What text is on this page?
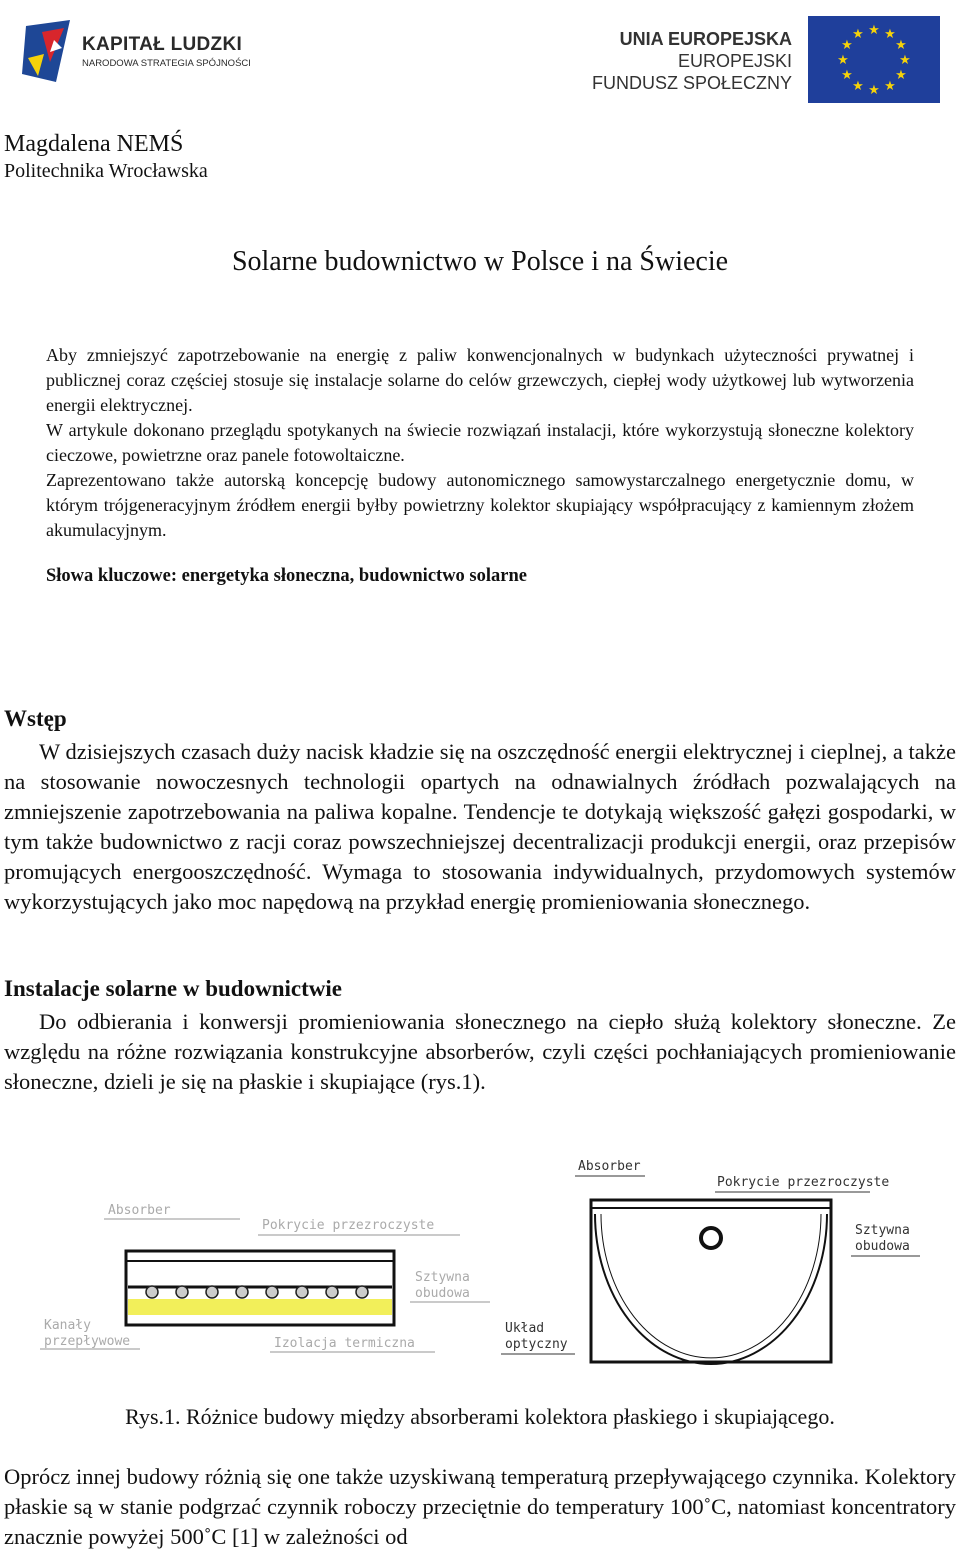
KAPITAŁ LUDZKI
NARODOWA STRATEGIA SPÓJNOŚCI
UNIA EUROPEJSKA
EUROPEJSKI
FUNDUSZ SPOŁECZNY
★ ★
★
★
★
★
★
★
★
★
★
★
Magdalena NEMŚ
Politechnika Wrocławska
Solarne budownictwo w Polsce i na Świecie

Aby zmniejszyć zapotrzebowanie na energię z paliw konwencjonalnych w budynkach użyteczności prywatnej i publicznej coraz częściej stosuje się instalacje solarne do celów grzewczych, ciepłej wody użytkowej lub wytworzenia energii elektrycznej.

W artykule dokonano przeglądu spotykanych na świecie rozwiązań instalacji, które wykorzystują słoneczne kolektory cieczowe, powietrzne oraz panele fotowoltaiczne.

Zaprezentowano także autorską koncepcję budowy autonomicznego samowystarczalnego energetycznie domu, w którym trójgeneracyjnym źródłem energii byłby powietrzny kolektor skupiający współpracujący z kamiennym złożem akumulacyjnym.

Słowa kluczowe: energetyka słoneczna, budownictwo solarne
Wstęp

W dzisiejszych czasach duży nacisk kładzie się na oszczędność energii elektrycznej i cieplnej, a także na stosowanie nowoczesnych technologii opartych na odnawialnych źródłach pozwalających na zmniejszenie zapotrzebowania na paliwa kopalne. Tendencje te dotykają większość gałęzi gospodarki, w tym także budownictwo z racji coraz powszechniejszej decentralizacji produkcji energii, oraz przepisów promujących energooszczędność. Wymaga to stosowania indywidualnych, przydomowych systemów wykorzystujących jako moc napędową na przykład energię promieniowania słonecznego.

Instalacje solarne w budownictwie

Do odbierania i konwersji promieniowania słonecznego na ciepło służą kolektory słoneczne. Ze względu na różne rozwiązania konstrukcyjne absorberów, czyli części pochłaniających promieniowanie słoneczne, dzieli je się na płaskie i skupiające (rys.1).

Absorber
Pokrycie przezroczyste
Sztywna
obudowa
Kanały
przepływowe	Izolacja termiczna
Absorber
Pokrycie przezroczyste
Sztywna
obudowa
Układ
optyczny
Rys.1. Różnice budowy między absorberami kolektora płaskiego i skupiającego.

Oprócz innej budowy różnią się one także uzyskiwaną temperaturą przepływającego czynnika. Kolektory płaskie są w stanie podgrzać czynnik roboczy przeciętnie do temperatury 100˚C, natomiast koncentratory znacznie powyżej 500˚C [1] w zależności od
